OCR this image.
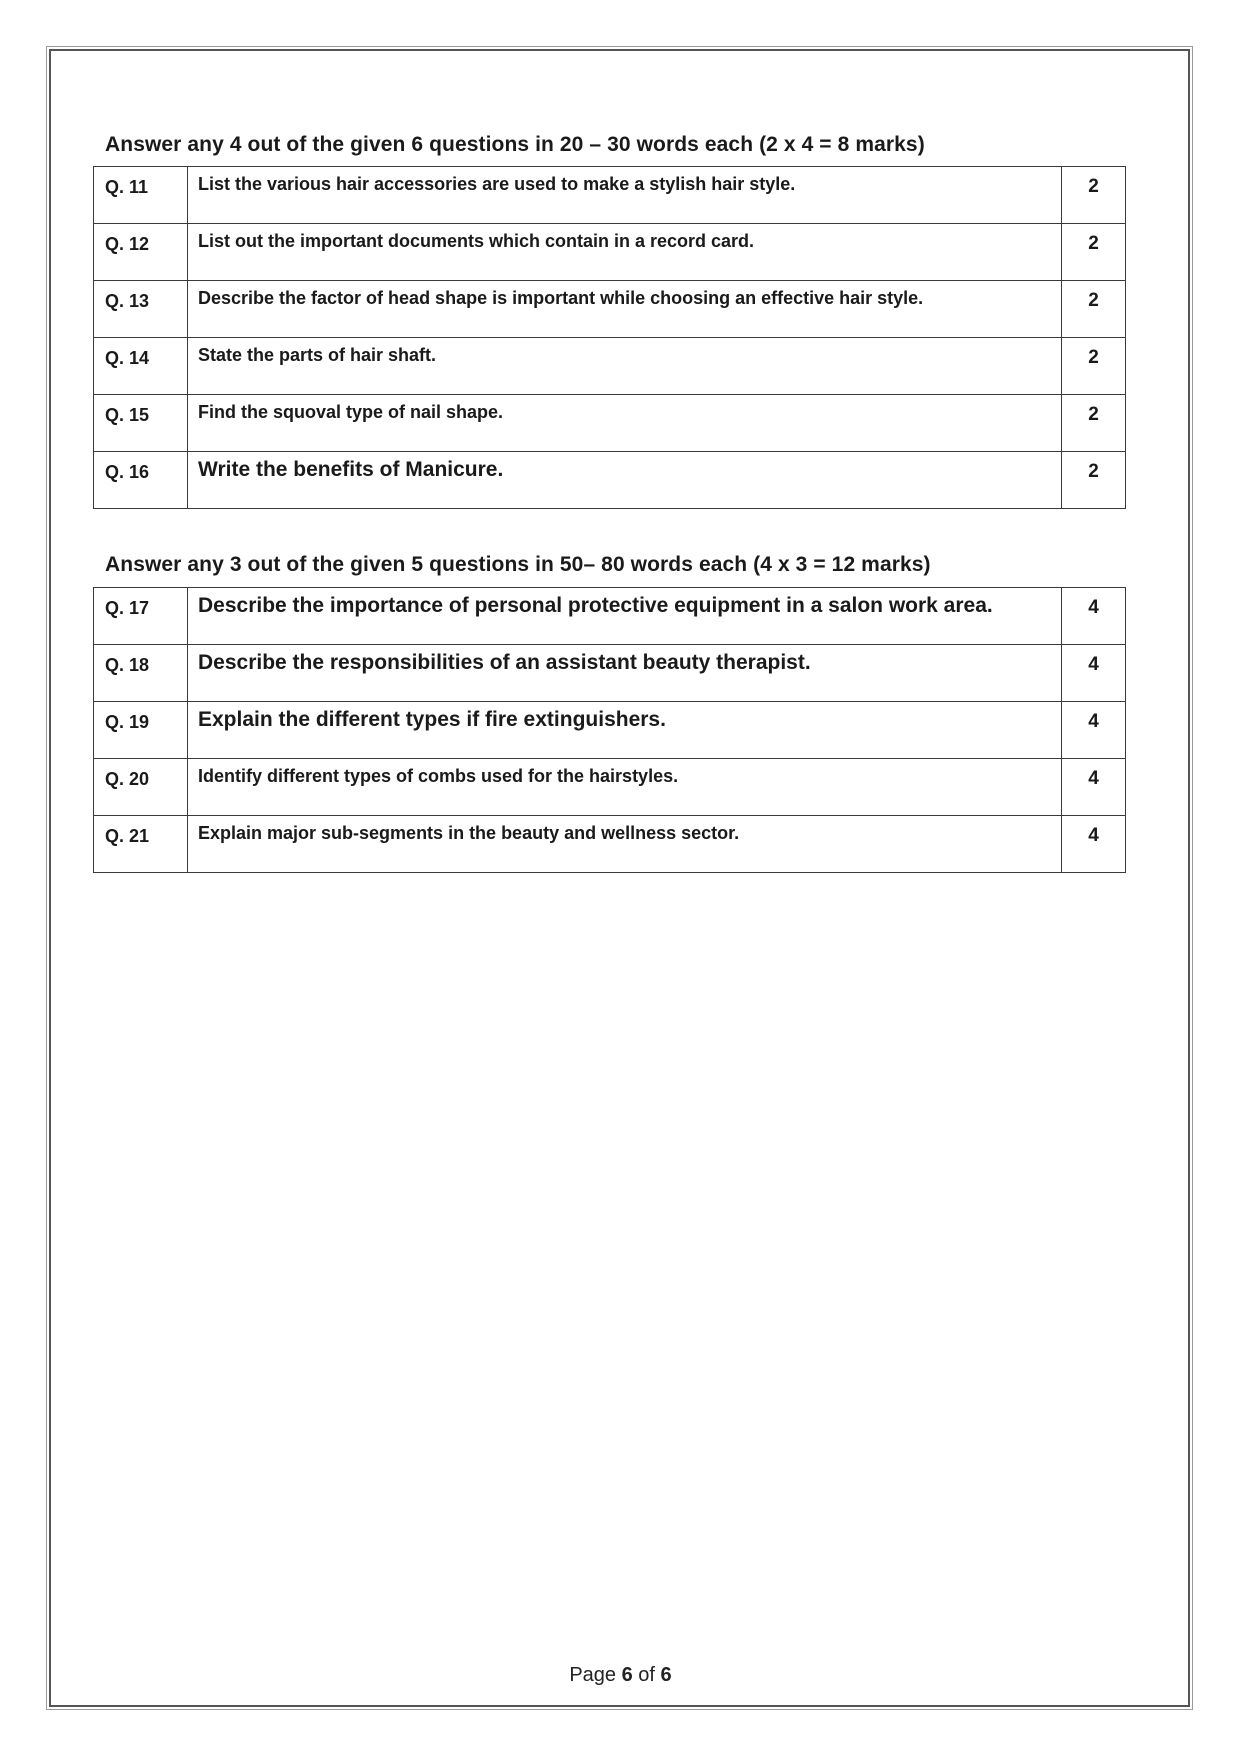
Answer any 4 out of the given 6 questions in 20 – 30 words each (2 x 4 = 8 marks)
Q. 11	List the various hair accessories are used to make a stylish hair style.	2
Q. 12	List out the important documents which contain in a record card.	2
Q. 13	Describe the factor of head shape is important while choosing an effective hair style.	2
Q. 14	State the parts of hair shaft.	2
Q. 15	Find the squoval type of nail shape.	2
Q. 16	Write the benefits of Manicure.	2
Answer any 3 out of the given 5 questions in 50– 80 words each (4 x 3 = 12 marks)
Q. 17	Describe the importance of personal protective equipment in a salon work area.	4
Q. 18	Describe the responsibilities of an assistant beauty therapist.	4
Q. 19	Explain the different types if fire extinguishers.	4
Q. 20	Identify different types of combs used for the hairstyles.	4
Q. 21	Explain major sub-segments in the beauty and wellness sector.	4
Page 6 of 6
